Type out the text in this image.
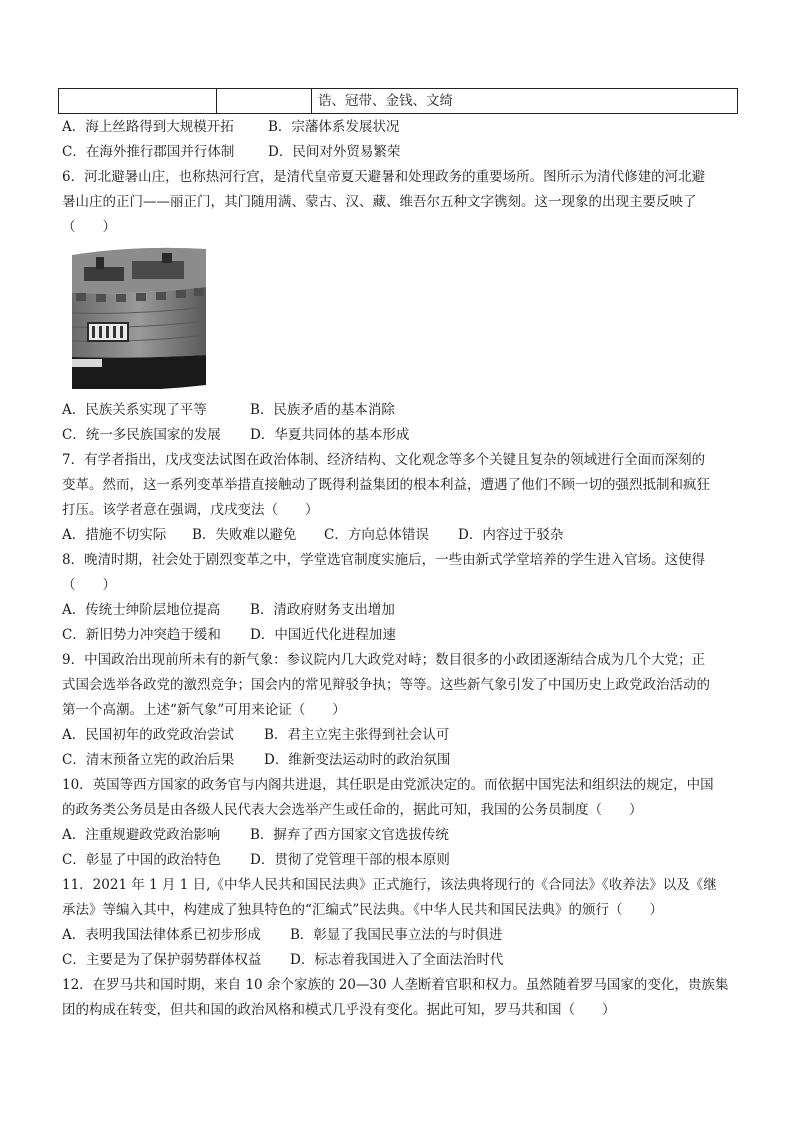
		诰、冠带、金钱、文绮
A．海上丝路得到大规模开拓	B．宗藩体系发展状况
C．在海外推行郡国并行体制	D．民间对外贸易繁荣
6．河北避暑山庄，也称热河行宫，是清代皇帝夏天避暑和处理政务的重要场所。图所示为清代修建的河北避
暑山庄的正门——丽正门，其门随用满、蒙古、汉、藏、维吾尔五种文字镌刻。这一现象的出现主要反映了
（　　）
A．民族关系实现了平等	B．民族矛盾的基本消除
C．统一多民族国家的发展	D．华夏共同体的基本形成
7．有学者指出，戊戌变法试图在政治体制、经济结构、文化观念等多个关键且复杂的领域进行全面而深刻的
变革。然而，这一系列变革举措直接触动了既得利益集团的根本利益，遭遇了他们不顾一切的强烈抵制和疯狂
打压。该学者意在强调，戊戌变法（　　）
A．措施不切实际	B．失败难以避免	C．方向总体错误	D．内容过于驳杂
8．晚清时期，社会处于剧烈变革之中，学堂选官制度实施后，一些由新式学堂培养的学生进入官场。这使得
（　　）
A．传统士绅阶层地位提高	B．清政府财务支出增加
C．新旧势力冲突趋于缓和	D．中国近代化进程加速
9．中国政治出现前所未有的新气象：参议院内几大政党对峙；数目很多的小政团逐渐结合成为几个大党；正
式国会选举各政党的激烈竞争；国会内的常见辩驳争执；等等。这些新气象引发了中国历史上政党政治活动的
第一个高潮。上述“新气象”可用来论证（　　）
A．民国初年的政党政治尝试	B．君主立宪主张得到社会认可
C．清末预备立宪的政治后果	D．维新变法运动时的政治氛围
10．英国等西方国家的政务官与内阁共进退，其任职是由党派决定的。而依据中国宪法和组织法的规定，中国
的政务类公务员是由各级人民代表大会选举产生或任命的，据此可知，我国的公务员制度（　　）
A．注重规避政党政治影响	B．摒弃了西方国家文官选拔传统
C．彰显了中国的政治特色	D．贯彻了党管理干部的根本原则
11．2021 年 1 月 1 日,《中华人民共和国民法典》正式施行，该法典将现行的《合同法》《收养法》以及《继
承法》等编入其中，构建成了独具特色的“汇编式”民法典。《中华人民共和国民法典》的颁行（　　）
A．表明我国法律体系已初步形成	B．彰显了我国民事立法的与时俱进
C．主要是为了保护弱势群体权益	D．标志着我国进入了全面法治时代
12．在罗马共和国时期，来自 10 余个家族的 20—30 人垄断着官职和权力。虽然随着罗马国家的变化，贵族集
团的构成在转变，但共和国的政治风格和模式几乎没有变化。据此可知，罗马共和国（　　）
